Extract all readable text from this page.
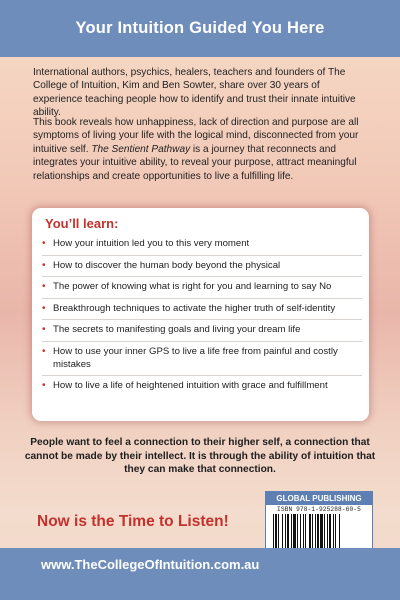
Your Intuition Guided You Here

International authors, psychics, healers, teachers and founders of The College of Intuition, Kim and Ben Sowter, share over 30 years of experience teaching people how to identify and trust their innate intuitive ability.

This book reveals how unhappiness, lack of direction and purpose are all symptoms of living your life with the logical mind, disconnected from your intuitive self. The Sentient Pathway is a journey that reconnects and integrates your intuitive ability, to reveal your purpose, attract meaningful relationships and create opportunities to live a fulfilling life.

You’ll learn:
• How your intuition led you to this very moment
• How to discover the human body beyond the physical
• The power of knowing what is right for you and learning to say No
• Breakthrough techniques to activate the higher truth of self-identity
• The secrets to manifesting goals and living your dream life
• How to use your inner GPS to live a life free from painful and costly mistakes
• How to live a life of heightened intuition with grace and fulfillment

People want to feel a connection to their higher self, a connection that cannot be made by their intellect. It is through the ability of intuition that they can make that connection.

Now is the Time to Listen!
GLOBAL PUBLISHING
ISBN 978-1-925288-60-5
www.TheCollegeOfIntuition.com.au
